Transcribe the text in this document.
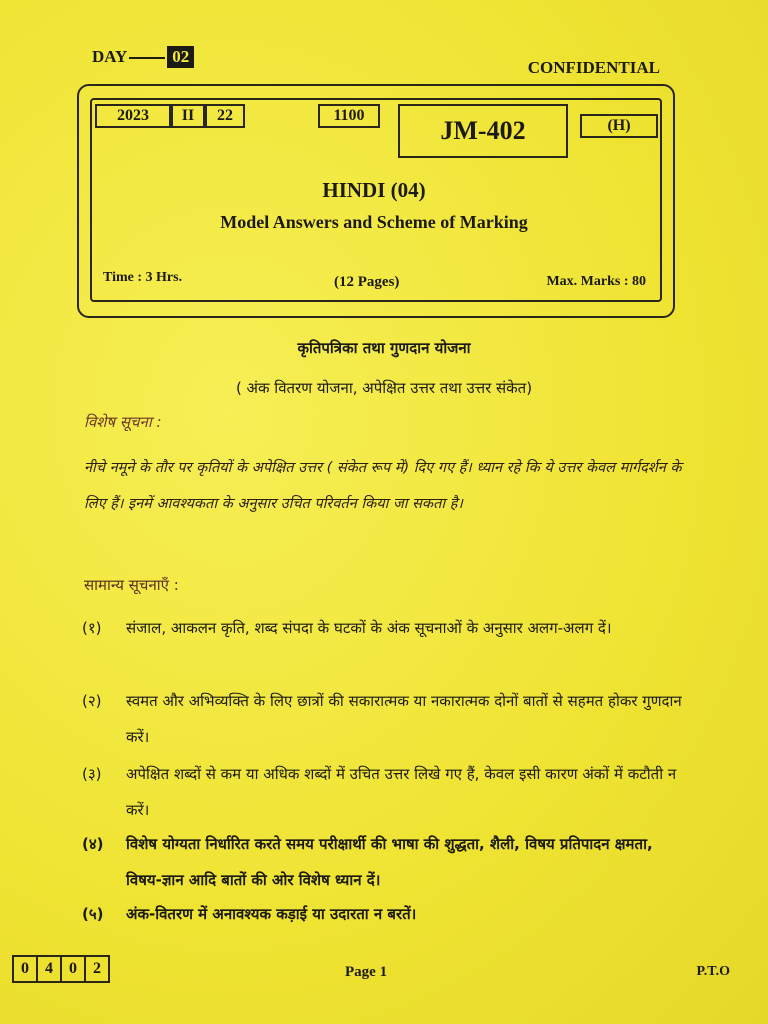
DAY	02
CONFIDENTIAL
2023	II	22	1100
JM-402	(H)
HINDI (04)
Model Answers and Scheme of Marking
Time : 3 Hrs.	(12 Pages)	Max. Marks : 80
कृतिपत्रिका तथा गुणदान योजना
( अंक वितरण योजना, अपेक्षित उत्तर तथा उत्तर संकेत)
विशेष सूचना :
नीचे नमूने के तौर पर कृतियों के अपेक्षित उत्तर ( संकेत रूप में) दिए गए हैं। ध्यान रहे कि ये उत्तर केवल मार्गदर्शन के लिए हैं। इनमें आवश्यकता के अनुसार उचित परिवर्तन किया जा सकता है।
सामान्य सूचनाएँ :
(१)	संजाल, आकलन कृति, शब्द संपदा के घटकों के अंक सूचनाओं के अनुसार अलग-अलग दें।
(२)	स्वमत और अभिव्यक्ति के लिए छात्रों की सकारात्मक या नकारात्मक दोनों बातों से सहमत होकर गुणदान करें।
(३)	अपेक्षित शब्दों से कम या अधिक शब्दों में उचित उत्तर लिखे गए हैं, केवल इसी कारण अंकों में कटौती न करें।
(४)	विशेष योग्यता निर्धारित करते समय परीक्षार्थी की भाषा की शुद्धता, शैली, विषय प्रतिपादन क्षमता, विषय-ज्ञान आदि बातों की ओर विशेष ध्यान दें।
(५)	अंक-वितरण में अनावश्यक कड़ाई या उदारता न बरतें।
0	4	0	2	Page 1	P.T.O
